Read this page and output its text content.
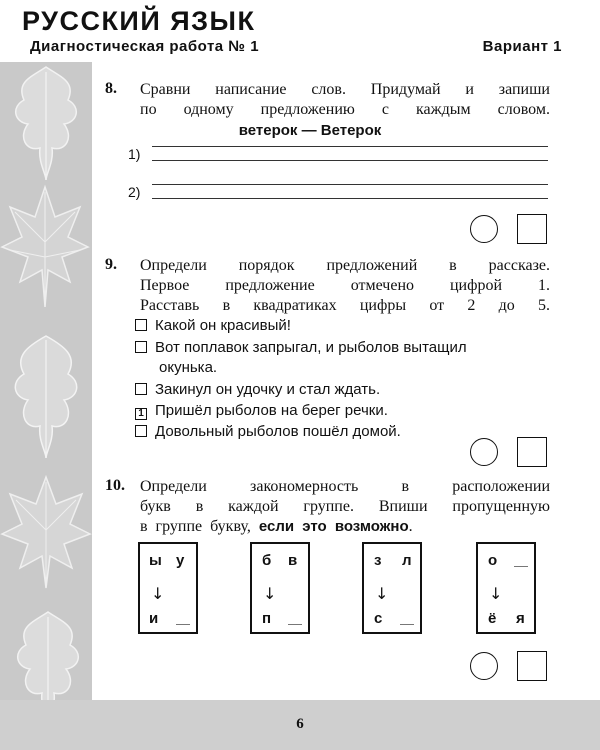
РУССКИЙ ЯЗЫК
Диагностическая работа № 1	Вариант 1
8. Сравни написание слов. Придумай и запиши
по одному предложению с каждым словом.
ветерок — Ветерок
1)
2)
9. Определи порядок предложений в рассказе.
Первое предложение отмечено цифрой 1.
Расставь в квадратиках цифры от 2 до 5.
Какой он красивый!
Вот поплавок запрыгал, и рыболов вытащил
окунька.
Закинул он удочку и стал ждать.
1 Пришёл рыболов на берег речки.
Довольный рыболов пошёл домой.
10. Определи закономерность в расположении
букв в каждой группе. Впиши пропущенную
в группе букву, если это возможно.
ы у
↓
и
б в
↓
п
з л
↓
с
о
↓
ё я
6
